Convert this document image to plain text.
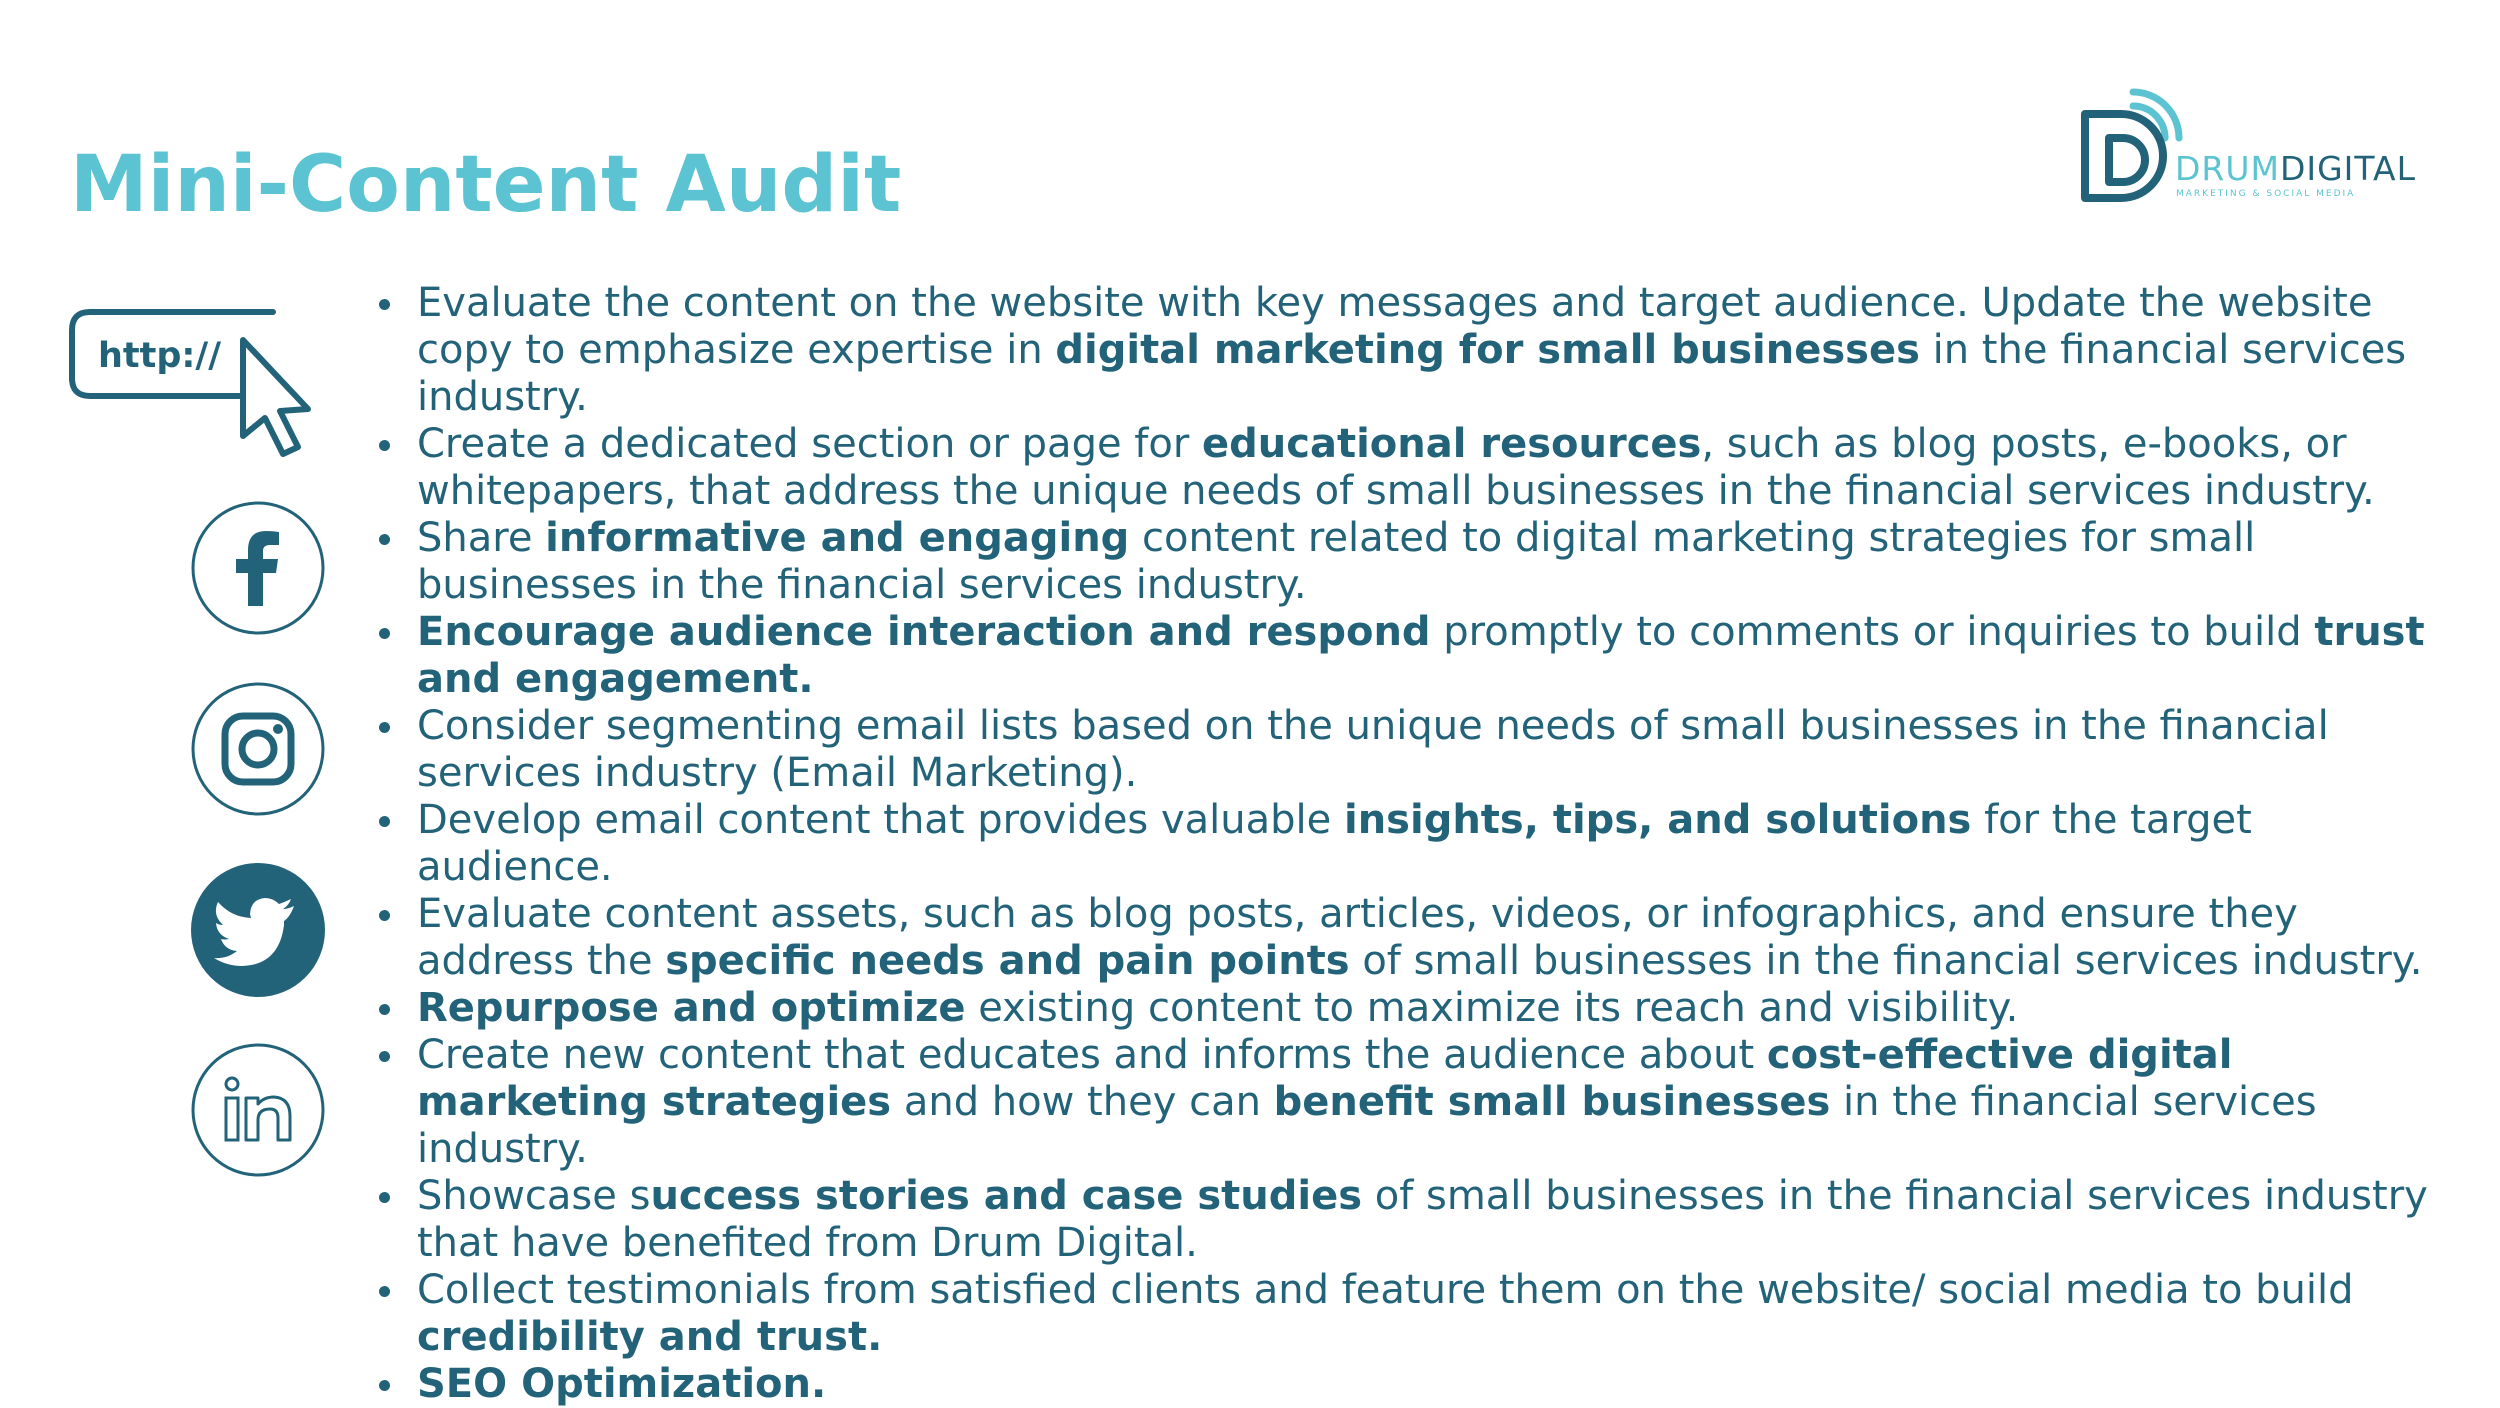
Mini-Content Audit	DRUMDIGITAL
MARKETING & SOCIAL MEDIA
http://
Evaluate the content on the website with key messages and target audience. Update the website copy to emphasize expertise in digital marketing for small businesses in the financial services industry.
Create a dedicated section or page for educational resources, such as blog posts, e-books, or whitepapers, that address the unique needs of small businesses in the financial services industry.
Share informative and engaging content related to digital marketing strategies for small businesses in the financial services industry.
Encourage audience interaction and respond promptly to comments or inquiries to build trust and engagement.
Consider segmenting email lists based on the unique needs of small businesses in the financial services industry (Email Marketing).
Develop email content that provides valuable insights, tips, and solutions for the target audience.
Evaluate content assets, such as blog posts, articles, videos, or infographics, and ensure they address the specific needs and pain points of small businesses in the financial services industry.
Repurpose and optimize existing content to maximize its reach and visibility.
Create new content that educates and informs the audience about cost-effective digital marketing strategies and how they can benefit small businesses in the financial services industry.
Showcase success stories and case studies of small businesses in the financial services industry that have benefited from Drum Digital.
Collect testimonials from satisfied clients and feature them on the website/ social media to build credibility and trust.
SEO Optimization.
